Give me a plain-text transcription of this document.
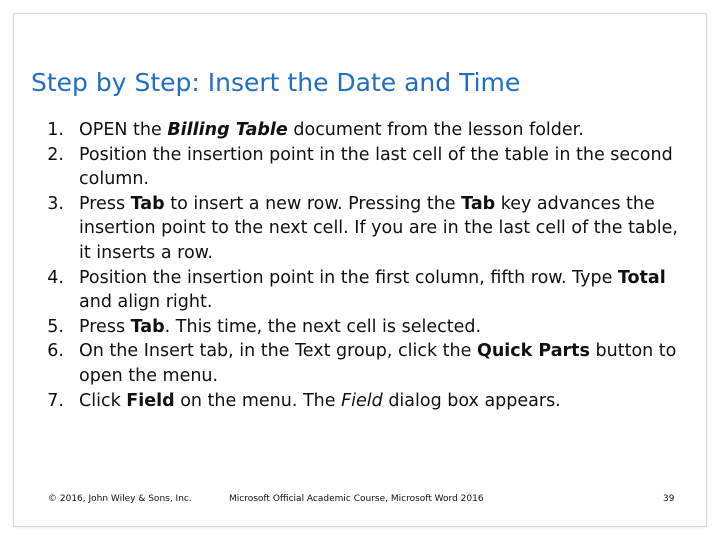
Step by Step: Insert the Date and Time
1. OPEN the Billing Table document from the lesson folder.
2. Position the insertion point in the last cell of the table in the second column.
3. Press Tab to insert a new row. Pressing the Tab key advances the insertion point to the next cell. If you are in the last cell of the table, it inserts a row.
4. Position the insertion point in the first column, fifth row. Type Total and align right.
5. Press Tab. This time, the next cell is selected.
6. On the Insert tab, in the Text group, click the Quick Parts button to open the menu.
7. Click Field on the menu. The Field dialog box appears.
© 2016, John Wiley & Sons, Inc.	Microsoft Official Academic Course, Microsoft Word 2016	39
